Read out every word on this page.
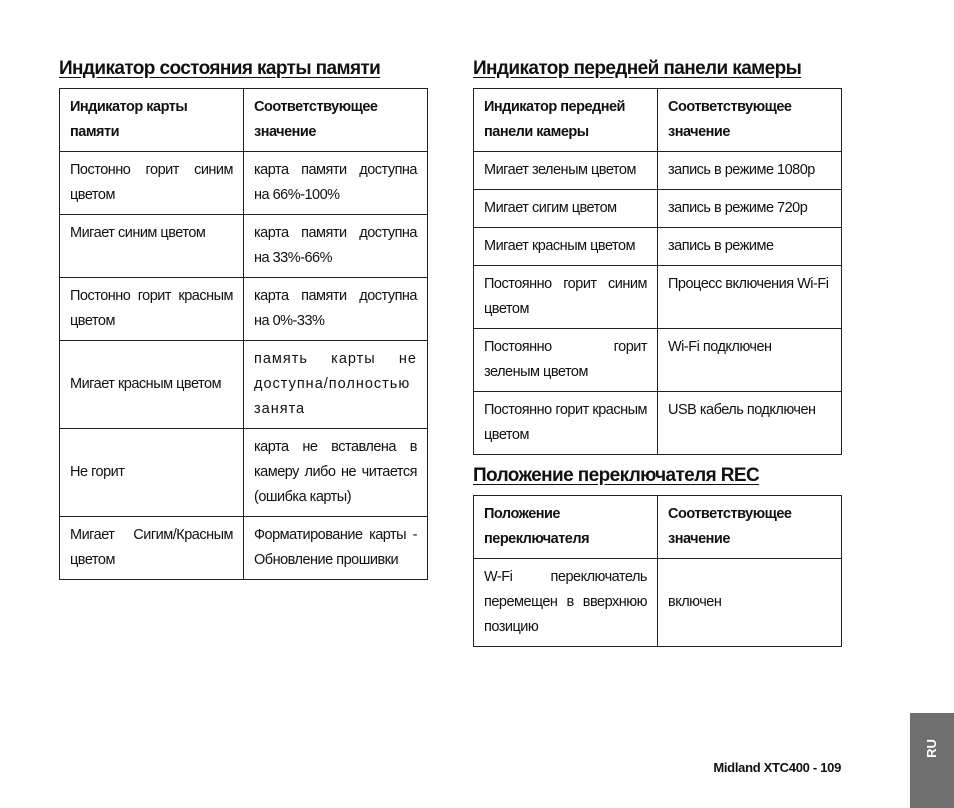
Индикатор состояния карты памяти
Индикатор карты памяти	Соответствующее значение
Постонно горит синим цветом	карта памяти доступна на 66%-100%
Мигает синим цветом	карта памяти доступна на 33%-66%
Постонно горит красным цветом	карта памяти доступна на 0%-33%
Мигает красным цветом	память карты не доступна/полностью занята
Не горит	карта не вставлена в камеру либо не читается (ошибка карты)
Мигает Сигим/Красным цветом	Форматирование карты - Обновление прошивки
Индикатор передней панели камеры
Индикатор передней панели камеры	Соответствующее значение
Мигает зеленым цветом	запись в режиме 1080p
Мигает сигим цветом	запись в режиме 720p
Мигает красным цветом	запись в режиме
Постоянно горит синим цветом	Процесс включения Wi-Fi
Постоянно горит зеленым цветом	Wi-Fi подключен
Постоянно горит красным цветом	USB кабель подключен
Положение переключателя REC
Положение переключателя	Соответствующее значение
W-Fi переключатель перемещен в вверхнюю позицию	включен
Midland XTC400 - 109
RU
